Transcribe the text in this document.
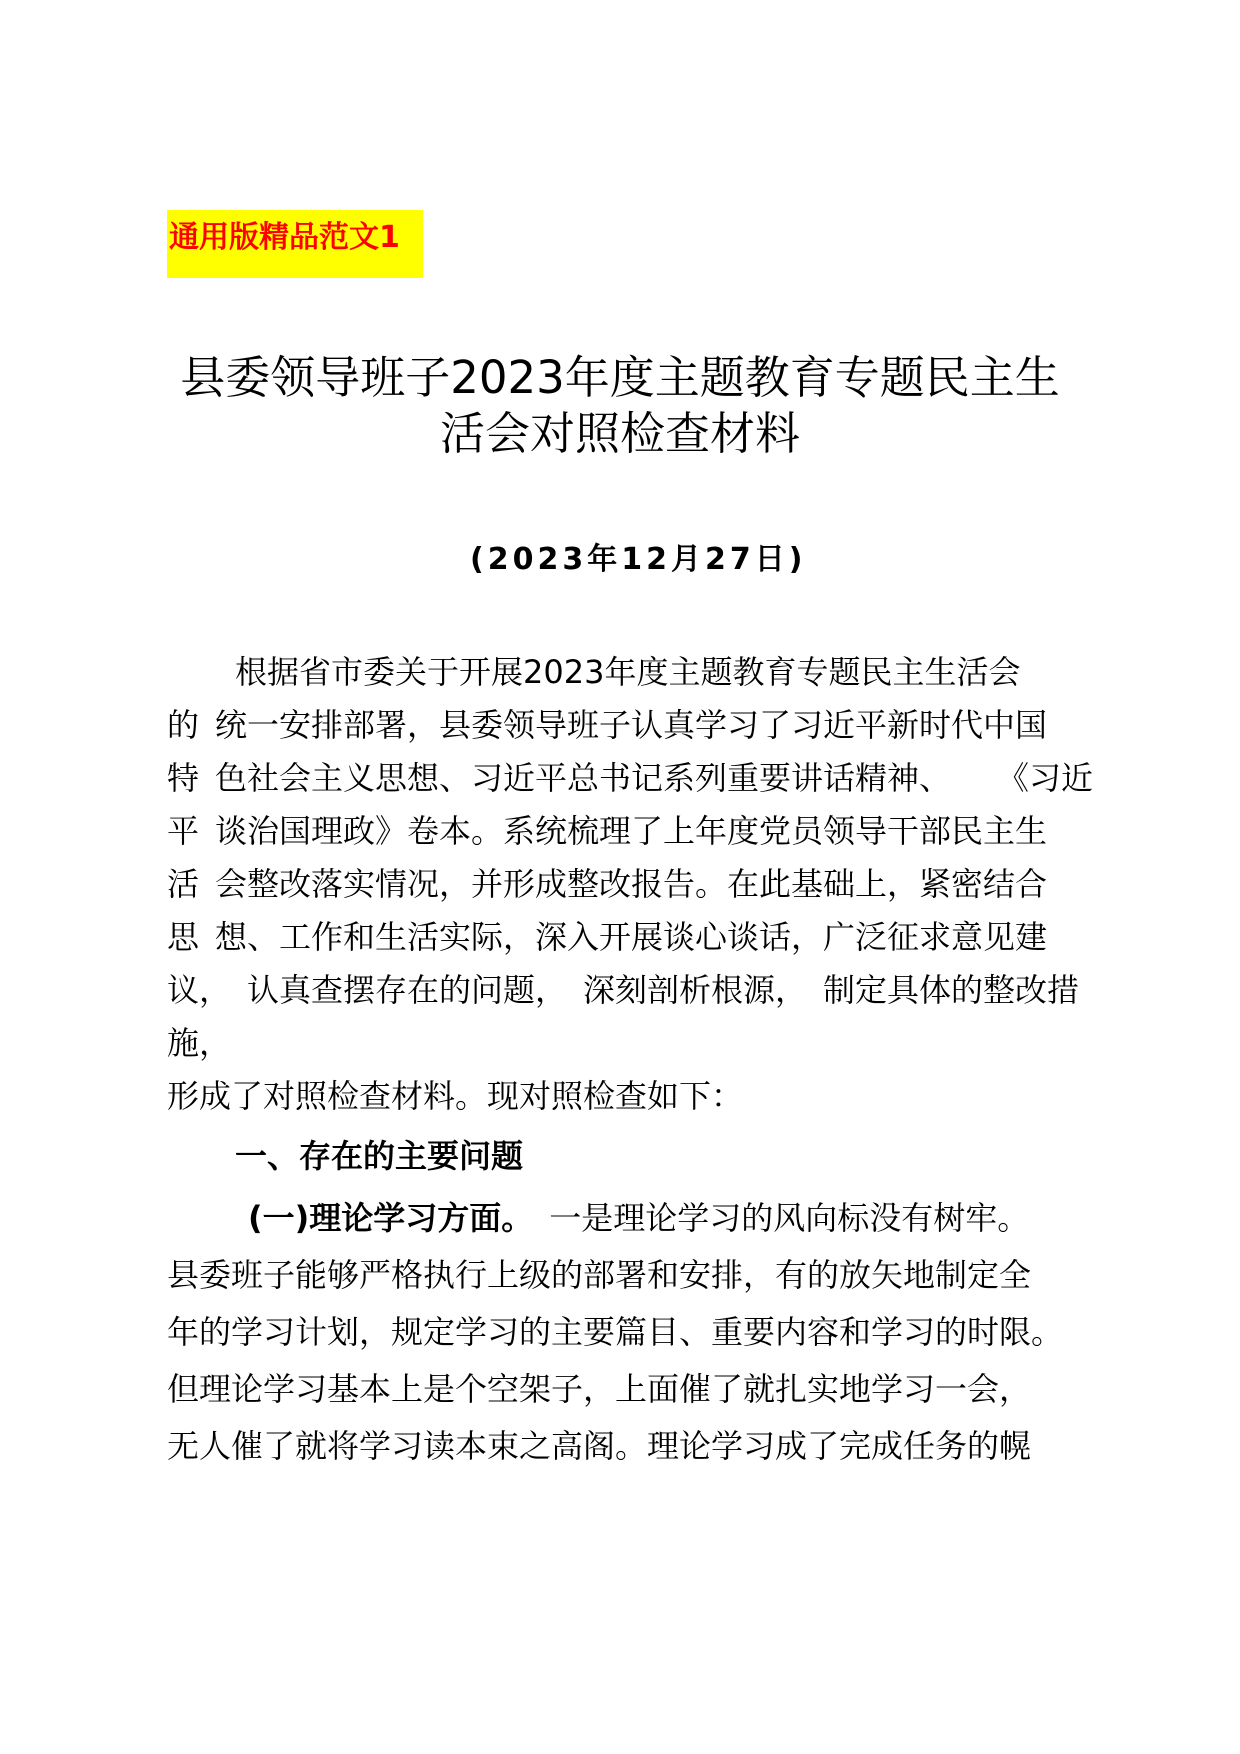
通用版精品范文1
县委领导班子2023年度主题教育专题民主生
活会对照检查材料
(2023年12月27日)
根据省市委关于开展2023年度主题教育专题民主生活会
的 统一安排部署，县委领导班子认真学习了习近平新时代中国
特 色社会主义思想、习近平总书记系列重要讲话精神、 《习近
平 谈治国理政》卷本。系统梳理了上年度党员领导干部民主生
活 会整改落实情况，并形成整改报告。在此基础上，紧密结合
思 想、工作和生活实际，深入开展谈心谈话，广泛征求意见建
议， 认真查摆存在的问题， 深刻剖析根源， 制定具体的整改措
施，
形成了对照检查材料。现对照检查如下：
一、存在的主要问题
(一)理论学习方面。 一是理论学习的风向标没有树牢。
县委班子能够严格执行上级的部署和安排，有的放矢地制定全
年的学习计划，规定学习的主要篇目、重要内容和学习的时限。
但理论学习基本上是个空架子，上面催了就扎实地学习一会，
无人催了就将学习读本束之高阁。理论学习成了完成任务的幌
